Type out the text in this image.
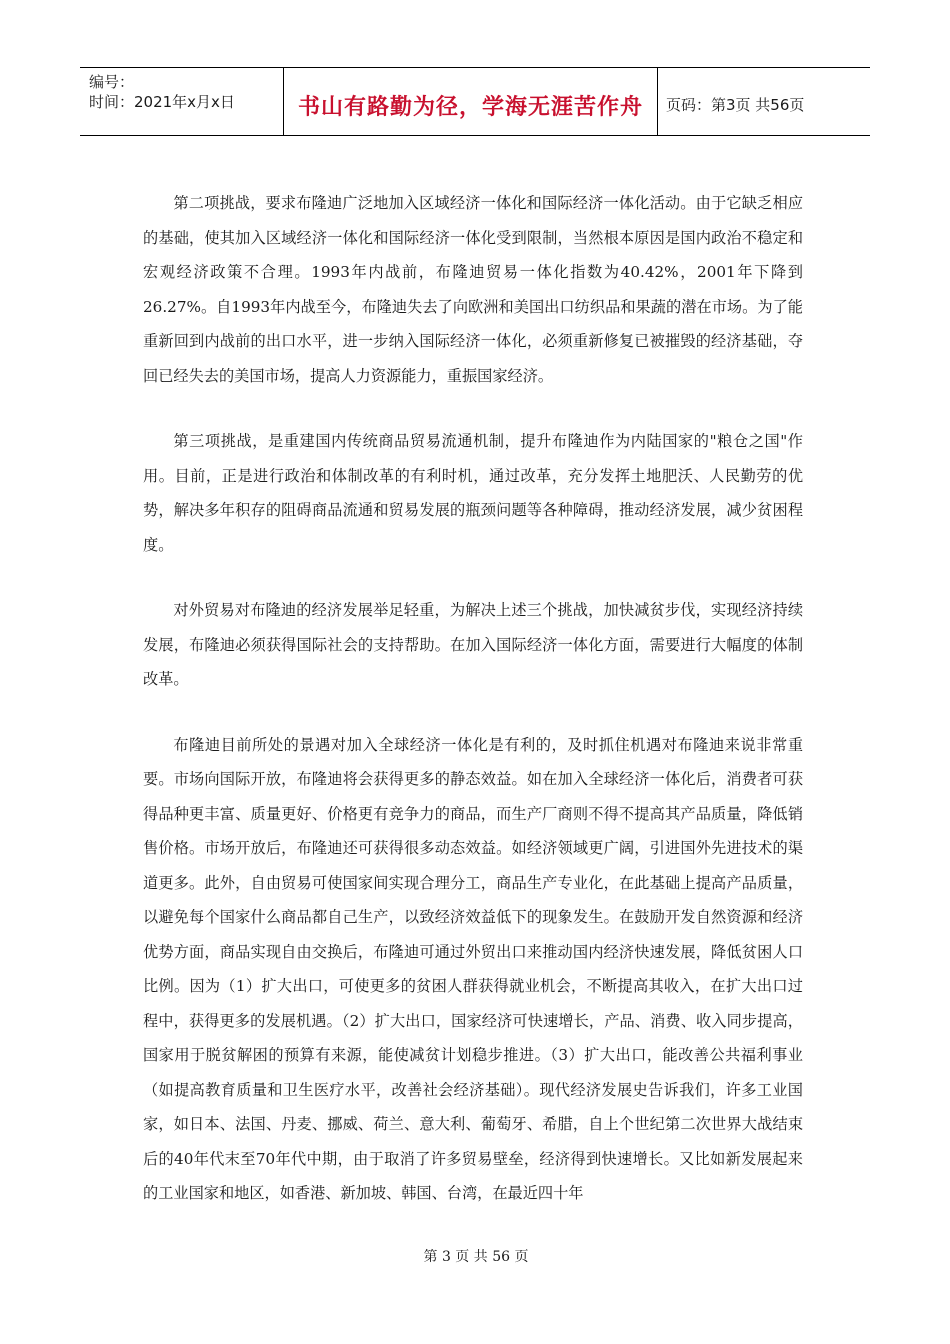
编号：
时间：2021年x月x日	书山有路勤为径，学海无涯苦作舟	页码：第3页 共56页

第二项挑战，要求布隆迪广泛地加入区域经济一体化和国际经济一体化活动。由于它缺乏相应的基础，使其加入区域经济一体化和国际经济一体化受到限制，当然根本原因是国内政治不稳定和宏观经济政策不合理。1993年内战前，布隆迪贸易一体化指数为40.42%，2001年下降到26.27%。自1993年内战至今，布隆迪失去了向欧洲和美国出口纺织品和果蔬的潜在市场。为了能重新回到内战前的出口水平，进一步纳入国际经济一体化，必须重新修复已被摧毁的经济基础，夺回已经失去的美国市场，提高人力资源能力，重振国家经济。

第三项挑战，是重建国内传统商品贸易流通机制，提升布隆迪作为内陆国家的"粮仓之国"作用。目前，正是进行政治和体制改革的有利时机，通过改革，充分发挥土地肥沃、人民勤劳的优势，解决多年积存的阻碍商品流通和贸易发展的瓶颈问题等各种障碍，推动经济发展，减少贫困程度。

对外贸易对布隆迪的经济发展举足轻重，为解决上述三个挑战，加快减贫步伐，实现经济持续发展，布隆迪必须获得国际社会的支持帮助。在加入国际经济一体化方面，需要进行大幅度的体制改革。

布隆迪目前所处的景遇对加入全球经济一体化是有利的，及时抓住机遇对布隆迪来说非常重要。市场向国际开放，布隆迪将会获得更多的静态效益。如在加入全球经济一体化后，消费者可获得品种更丰富、质量更好、价格更有竞争力的商品，而生产厂商则不得不提高其产品质量，降低销售价格。市场开放后，布隆迪还可获得很多动态效益。如经济领域更广阔，引进国外先进技术的渠道更多。此外，自由贸易可使国家间实现合理分工，商品生产专业化，在此基础上提高产品质量，以避免每个国家什么商品都自己生产，以致经济效益低下的现象发生。在鼓励开发自然资源和经济优势方面，商品实现自由交换后，布隆迪可通过外贸出口来推动国内经济快速发展，降低贫困人口比例。因为（1）扩大出口，可使更多的贫困人群获得就业机会，不断提高其收入，在扩大出口过程中，获得更多的发展机遇。（2）扩大出口，国家经济可快速增长，产品、消费、收入同步提高，国家用于脱贫解困的预算有来源，能使减贫计划稳步推进。（3）扩大出口，能改善公共福利事业（如提高教育质量和卫生医疗水平，改善社会经济基础）。现代经济发展史告诉我们，许多工业国家，如日本、法国、丹麦、挪威、荷兰、意大利、葡萄牙、希腊，自上个世纪第二次世界大战结束后的40年代末至70年代中期，由于取消了许多贸易壁垒，经济得到快速增长。又比如新发展起来的工业国家和地区，如香港、新加坡、韩国、台湾，在最近四十年

第 3 页 共 56 页
